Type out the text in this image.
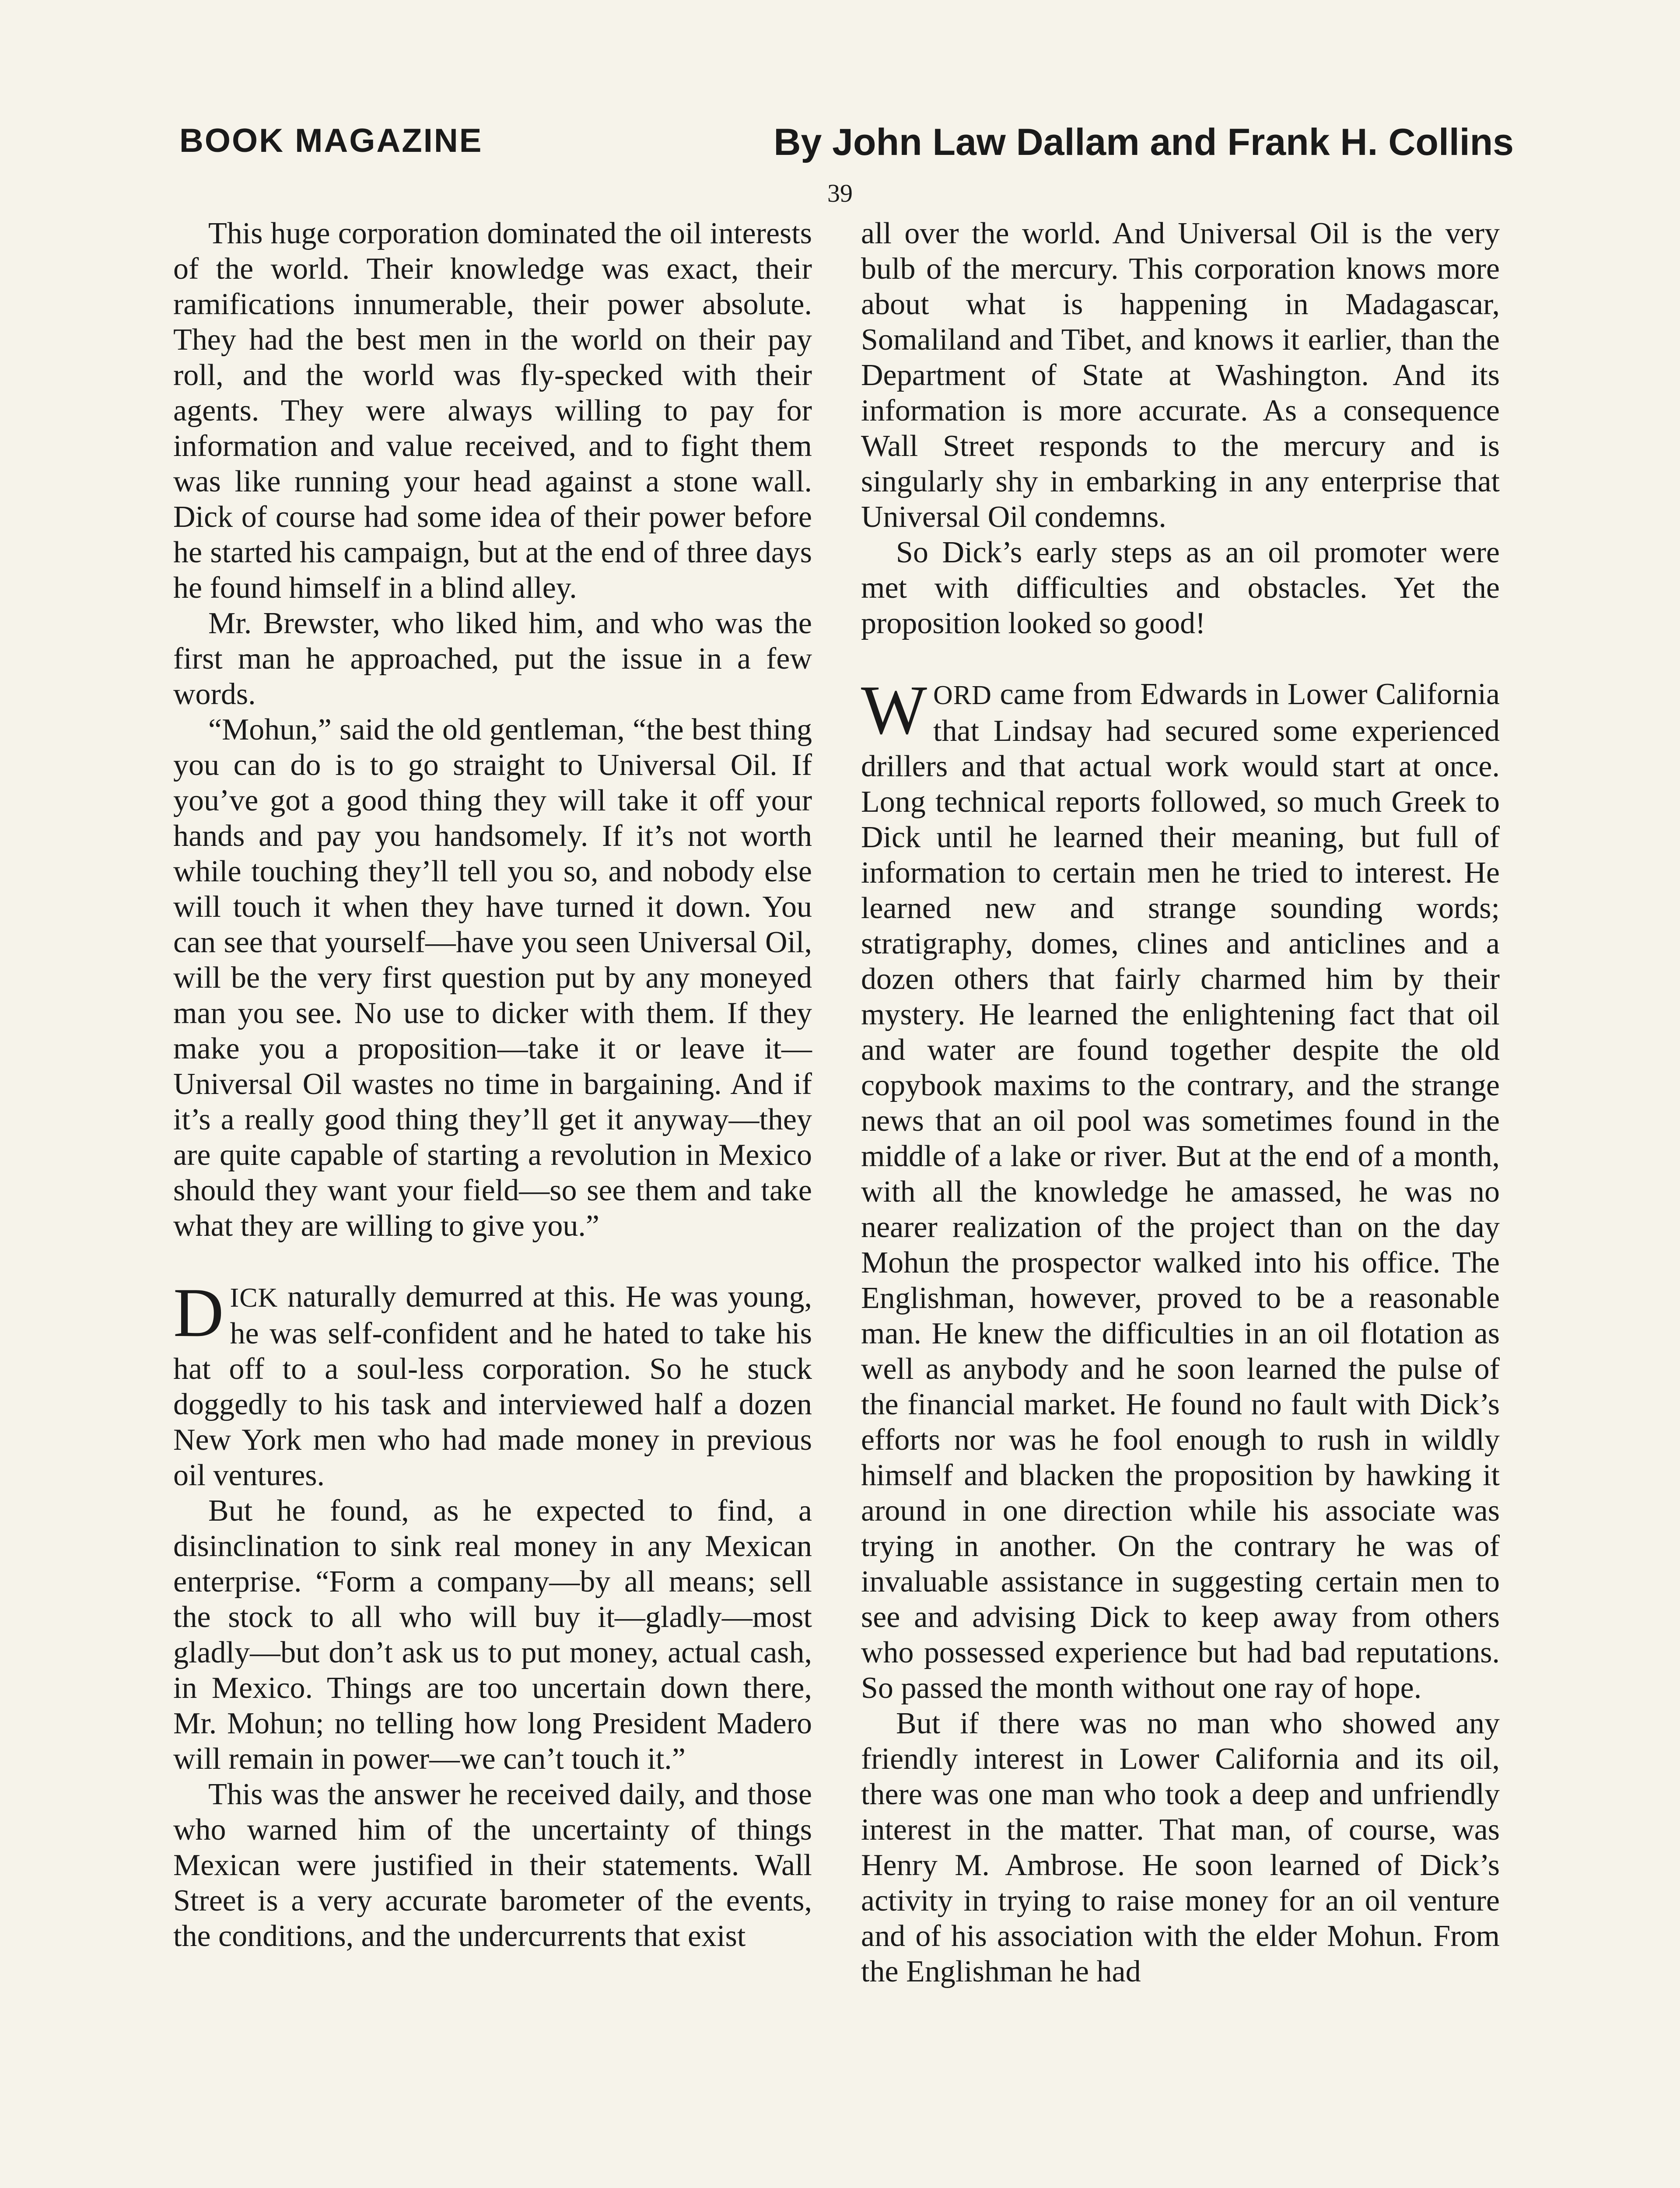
BOOK MAGAZINE	By John Law Dallam and Frank H. Collins
39

This huge corporation dominated the oil interests of the world. Their knowledge was exact, their ramifications innumerable, their power absolute. They had the best men in the world on their pay roll, and the world was fly-specked with their agents. They were always willing to pay for information and value received, and to fight them was like running your head against a stone wall. Dick of course had some idea of their power before he started his campaign, but at the end of three days he found himself in a blind alley.

Mr. Brewster, who liked him, and who was the first man he approached, put the issue in a few words.

“Mohun,” said the old gentleman, “the best thing you can do is to go straight to Universal Oil. If you’ve got a good thing they will take it off your hands and pay you handsomely. If it’s not worth while touching they’ll tell you so, and nobody else will touch it when they have turned it down. You can see that yourself—have you seen Universal Oil, will be the very first question put by any moneyed man you see. No use to dicker with them. If they make you a proposition—take it or leave it—Universal Oil wastes no time in bargaining. And if it’s a really good thing they’ll get it anyway—they are quite capable of starting a revolution in Mexico should they want your field—so see them and take what they are willing to give you.”

DICK naturally demurred at this. He was young, he was self-confident and he hated to take his hat off to a soul-less corporation. So he stuck doggedly to his task and interviewed half a dozen New York men who had made money in previous oil ventures.

But he found, as he expected to find, a disinclination to sink real money in any Mexican enterprise. “Form a company—by all means; sell the stock to all who will buy it—gladly—most gladly—but don’t ask us to put money, actual cash, in Mexico. Things are too uncertain down there, Mr. Mohun; no telling how long President Madero will remain in power—we can’t touch it.”

This was the answer he received daily, and those who warned him of the uncertainty of things Mexican were justified in their statements. Wall Street is a very accurate barometer of the events, the conditions, and the undercurrents that exist

all over the world. And Universal Oil is the very bulb of the mercury. This corporation knows more about what is happening in Madagascar, Somaliland and Tibet, and knows it earlier, than the Department of State at Washington. And its information is more accurate. As a consequence Wall Street responds to the mercury and is singularly shy in embarking in any enterprise that Universal Oil condemns.

So Dick’s early steps as an oil promoter were met with difficulties and obstacles. Yet the proposition looked so good!

WORD came from Edwards in Lower California that Lindsay had secured some experienced drillers and that actual work would start at once. Long technical reports followed, so much Greek to Dick until he learned their meaning, but full of information to certain men he tried to interest. He learned new and strange sounding words; stratigraphy, domes, clines and anticlines and a dozen others that fairly charmed him by their mystery. He learned the enlightening fact that oil and water are found together despite the old copybook maxims to the contrary, and the strange news that an oil pool was sometimes found in the middle of a lake or river. But at the end of a month, with all the knowledge he amassed, he was no nearer realization of the project than on the day Mohun the prospector walked into his office. The Englishman, however, proved to be a reasonable man. He knew the difficulties in an oil flotation as well as anybody and he soon learned the pulse of the financial market. He found no fault with Dick’s efforts nor was he fool enough to rush in wildly himself and blacken the proposition by hawking it around in one direction while his associate was trying in another. On the contrary he was of invaluable assistance in suggesting certain men to see and advising Dick to keep away from others who possessed experience but had bad reputations. So passed the month without one ray of hope.

But if there was no man who showed any friendly interest in Lower California and its oil, there was one man who took a deep and unfriendly interest in the matter. That man, of course, was Henry M. Ambrose. He soon learned of Dick’s activity in trying to raise money for an oil venture and of his association with the elder Mohun. From the Englishman he had
